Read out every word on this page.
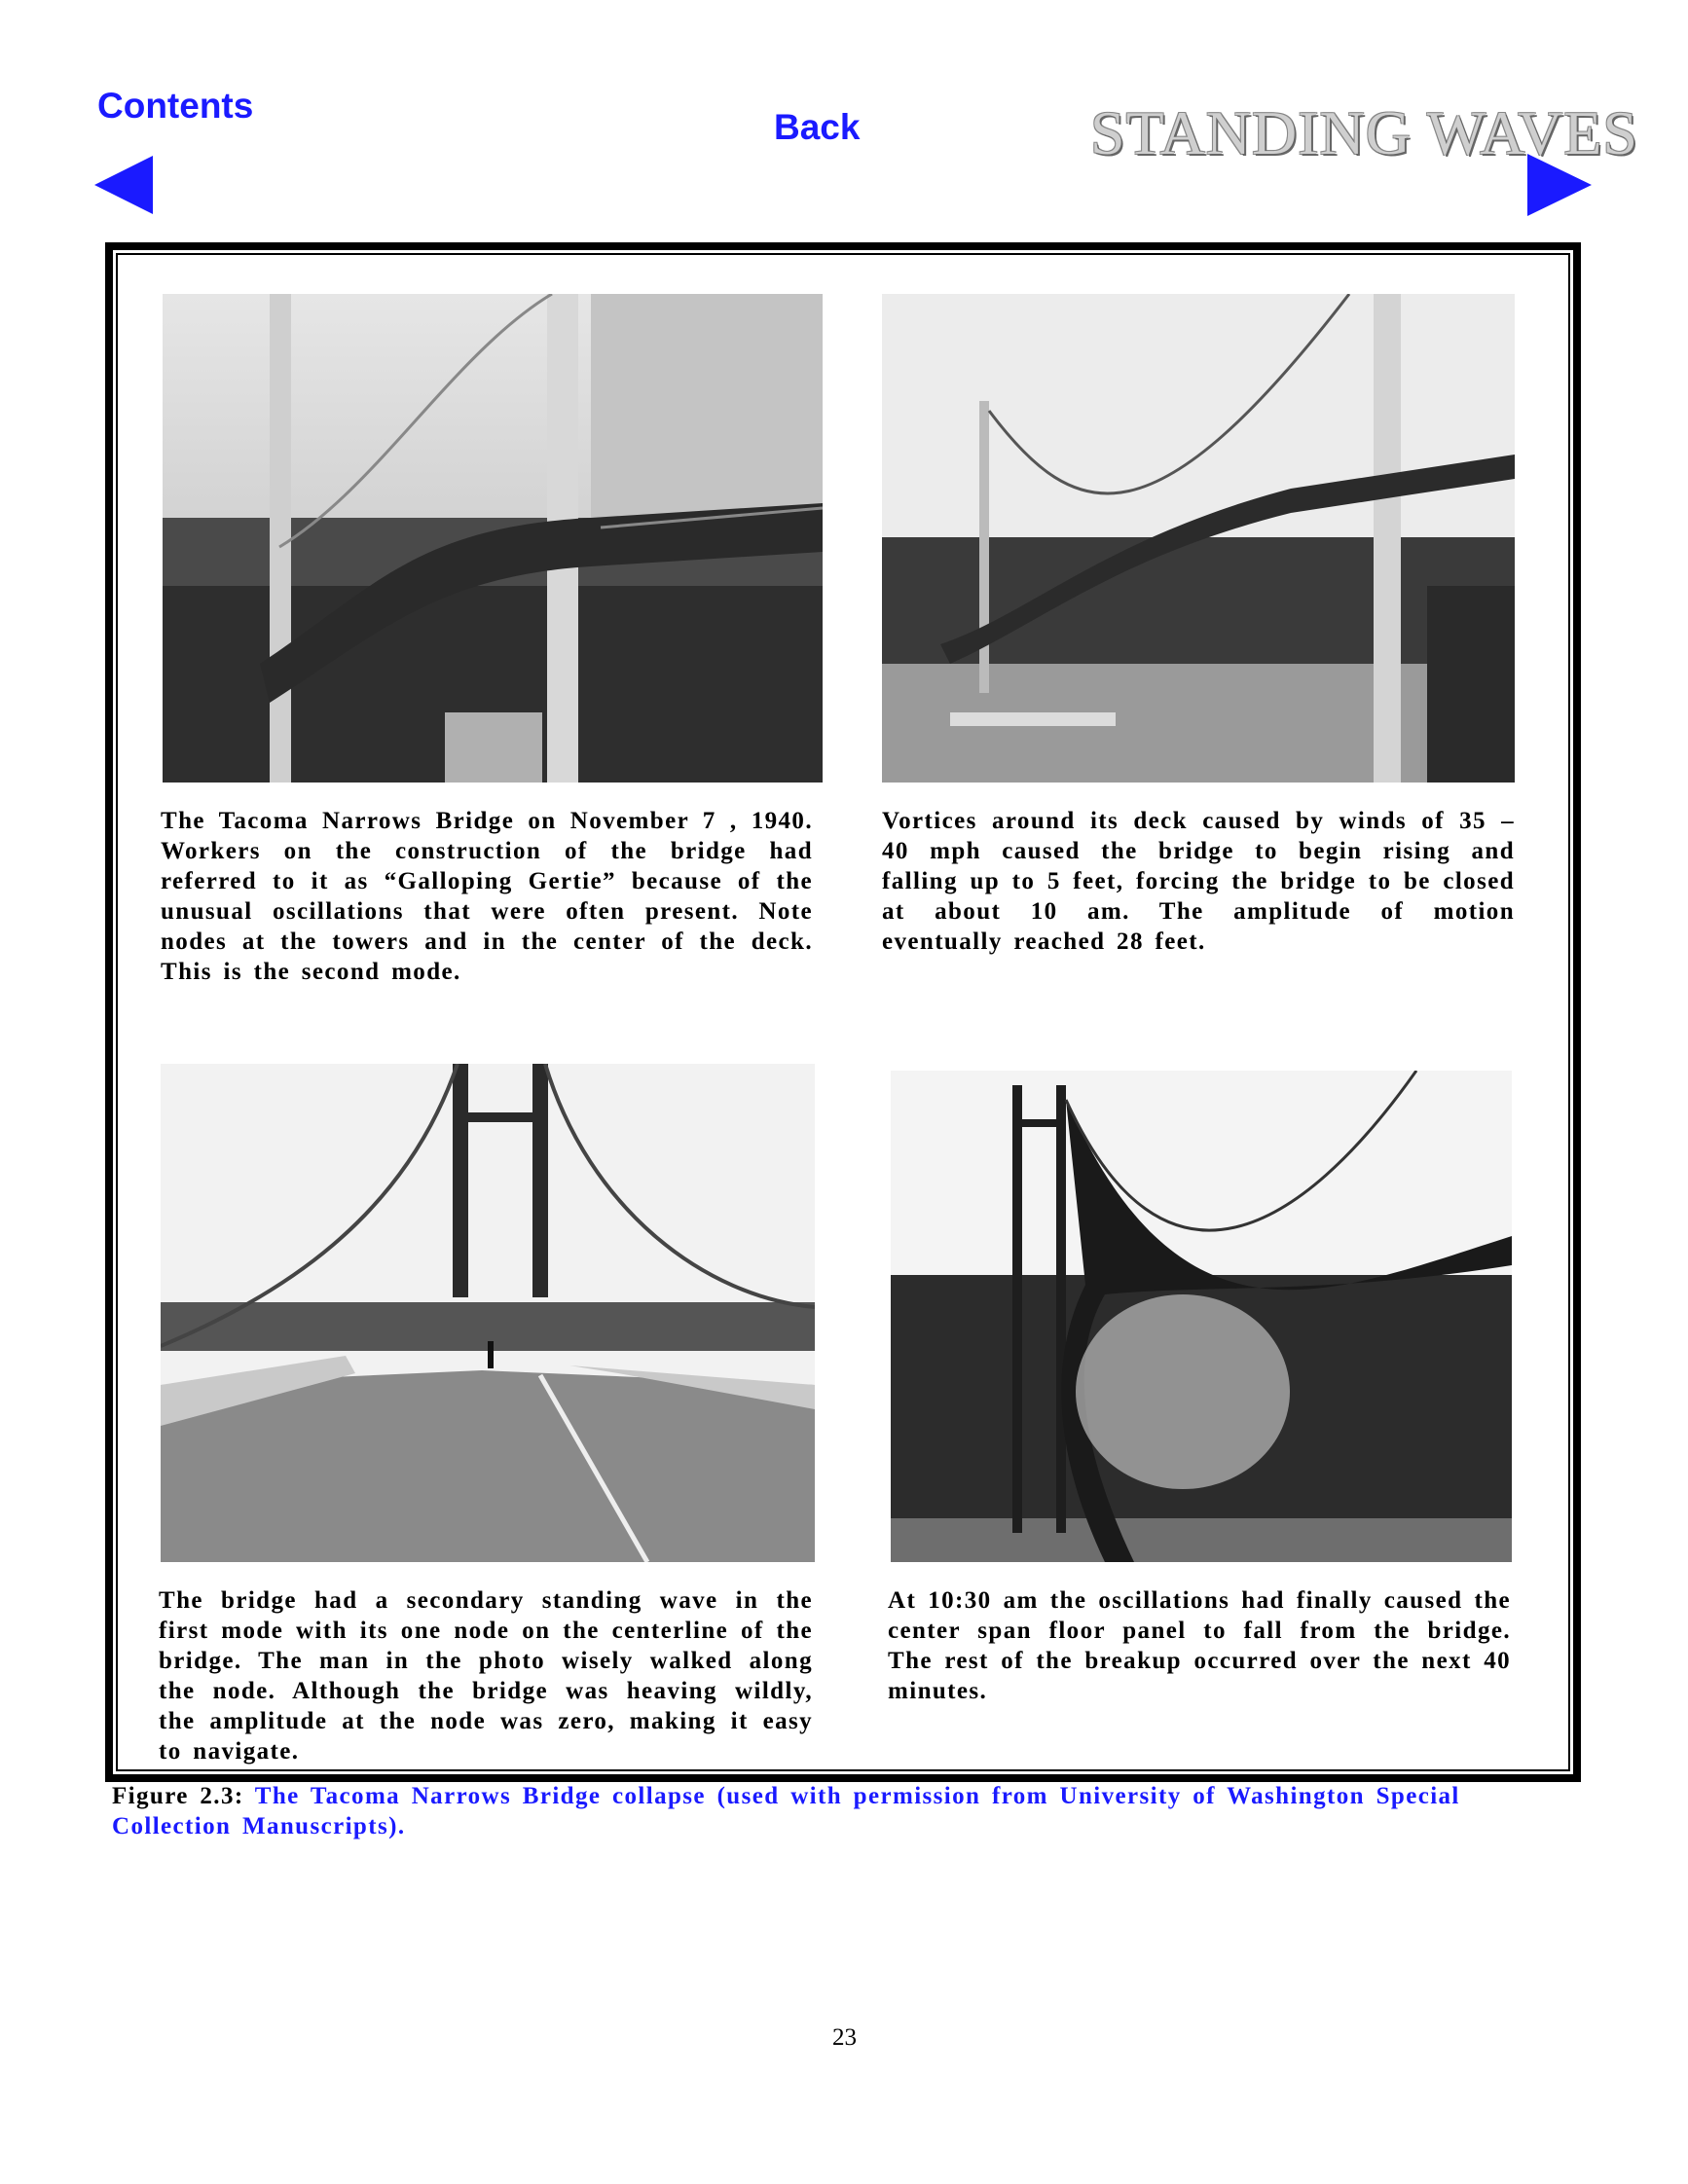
Contents
Back	STANDING WAVES

The Tacoma Narrows Bridge on November 7 , 1940. Workers on the construction of the bridge had referred to it as “Galloping Gertie” because of the unusual oscillations that were often present. Note nodes at the towers and in the center of the deck. This is the second mode.

Vortices around its deck caused by winds of 35 – 40 mph caused the bridge to begin rising and falling up to 5 feet, forcing the bridge to be closed at about 10 am. The amplitude of motion eventually reached 28 feet.

The bridge had a secondary standing wave in the first mode with its one node on the centerline of the bridge. The man in the photo wisely walked along the node. Although the bridge was heaving wildly, the amplitude at the node was zero, making it easy to navigate.

At 10:30 am the oscillations had finally caused the center span floor panel to fall from the bridge. The rest of the breakup occurred over the next 40 minutes.

Figure 2.3: The Tacoma Narrows Bridge collapse (used with permission from University of Washington Special Collection Manuscripts).

23
